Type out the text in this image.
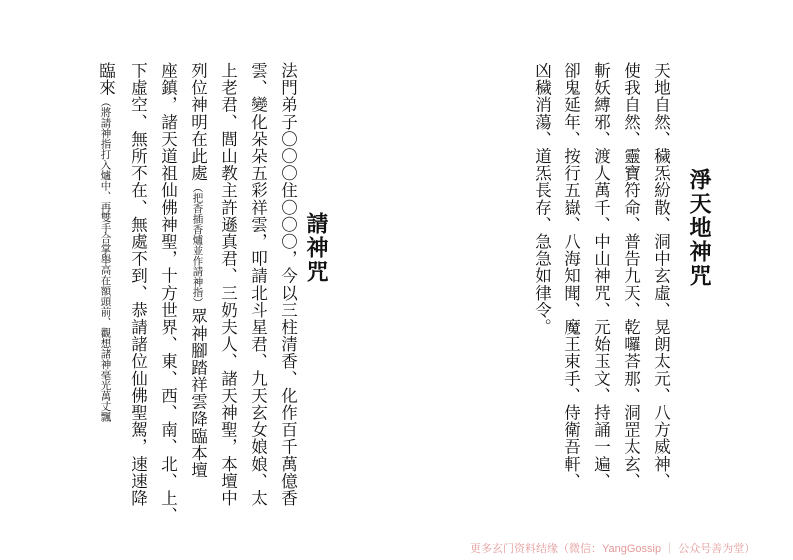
淨天地神咒
天地自然、穢炁紛散、洞中玄虛、晃朗太元、八方威神、
使我自然、靈寶符命、普告九天、乾囉荅那、洞罡太玄、
斬妖縛邪、渡人萬千、中山神咒、元始玉文、持誦一遍、
卻鬼延年、按行五嶽、八海知聞、魔王束手、侍衛吾軒、
凶穢消蕩、道炁長存、急急如律令。
請神咒
法門弟子〇〇〇住〇〇〇，今以三柱清香、化作百千萬億香
雲、變化朵朵五彩祥雲，叩請北斗星君、九天玄女娘娘、太
上老君、閭山教主許遜真君、三奶夫人、諸天神聖，本壇中
列位神明在此處（把香插香爐並作請神指）眾神腳踏祥雲降臨本壇
座鎮，諸天道祖仙佛神聖，十方世界、東、西、南、北、上、
下虛空、無所不在、無處不到、恭請諸位仙佛聖駕，速速降
臨來（將請神指打入爐中、再雙手合掌舉高在額頭前、觀想諸神毫光萬丈飄
更多玄门资料结缘（微信：YangGossip ｜ 公众号善为堂）
